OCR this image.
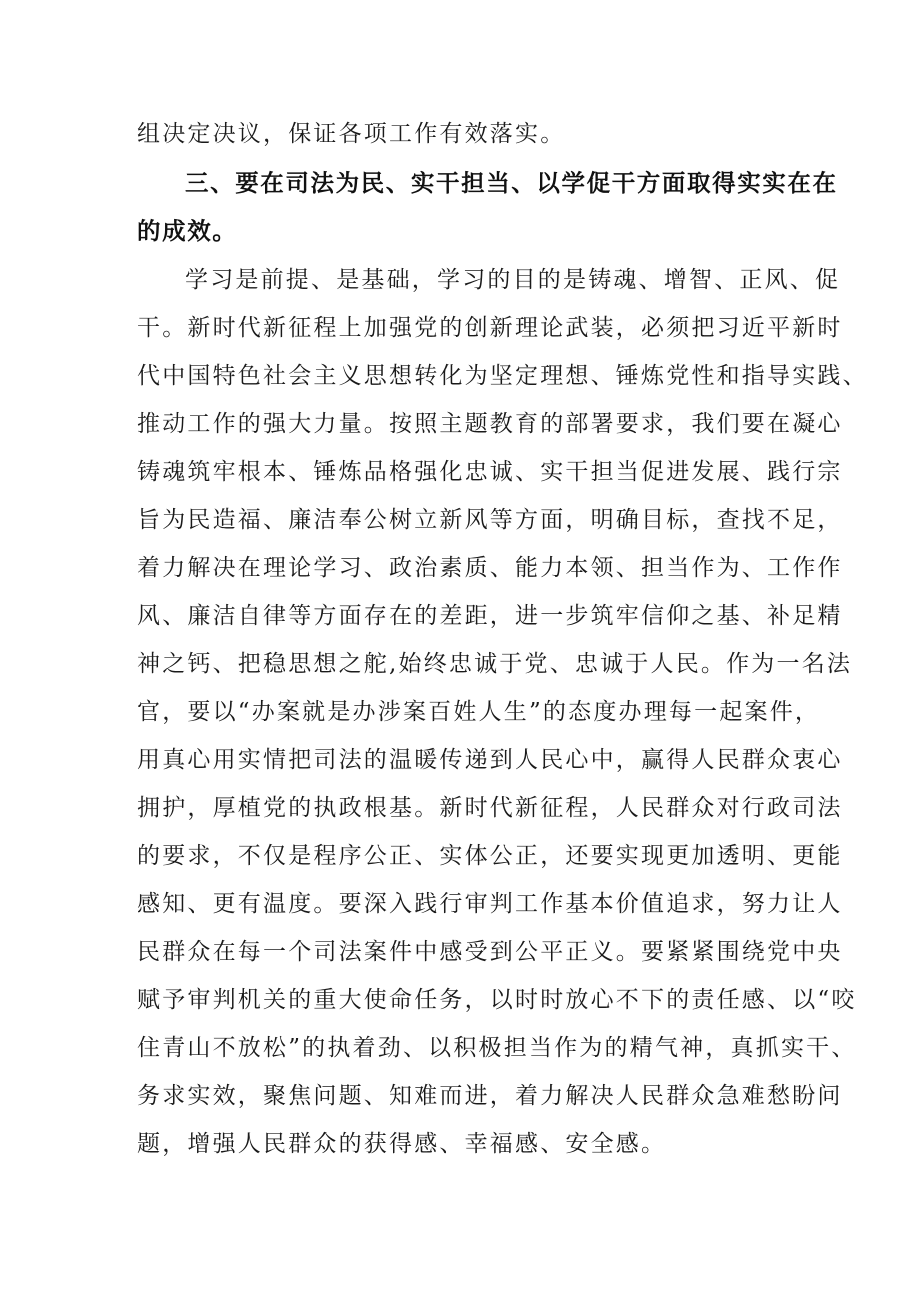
组决定决议，保证各项工作有效落实。
三、要在司法为民、实干担当、以学促干方面取得实实在在
的成效。
学习是前提、是基础，学习的目的是铸魂、增智、正风、促
干。新时代新征程上加强党的创新理论武装，必须把习近平新时
代中国特色社会主义思想转化为坚定理想、锤炼党性和指导实践、
推动工作的强大力量。按照主题教育的部署要求，我们要在凝心
铸魂筑牢根本、锤炼品格强化忠诚、实干担当促进发展、践行宗
旨为民造福、廉洁奉公树立新风等方面，明确目标，查找不足，
着力解决在理论学习、政治素质、能力本领、担当作为、工作作
风、廉洁自律等方面存在的差距，进一步筑牢信仰之基、补足精
神之钙、把稳思想之舵,始终忠诚于党、忠诚于人民。作为一名法
官，要以“办案就是办涉案百姓人生”的态度办理每一起案件，
用真心用实情把司法的温暖传递到人民心中，赢得人民群众衷心
拥护，厚植党的执政根基。新时代新征程，人民群众对行政司法
的要求，不仅是程序公正、实体公正，还要实现更加透明、更能
感知、更有温度。要深入践行审判工作基本价值追求，努力让人
民群众在每一个司法案件中感受到公平正义。要紧紧围绕党中央
赋予审判机关的重大使命任务，以时时放心不下的责任感、以“咬
住青山不放松”的执着劲、以积极担当作为的精气神，真抓实干、
务求实效，聚焦问题、知难而进，着力解决人民群众急难愁盼问
题，增强人民群众的获得感、幸福感、安全感。
